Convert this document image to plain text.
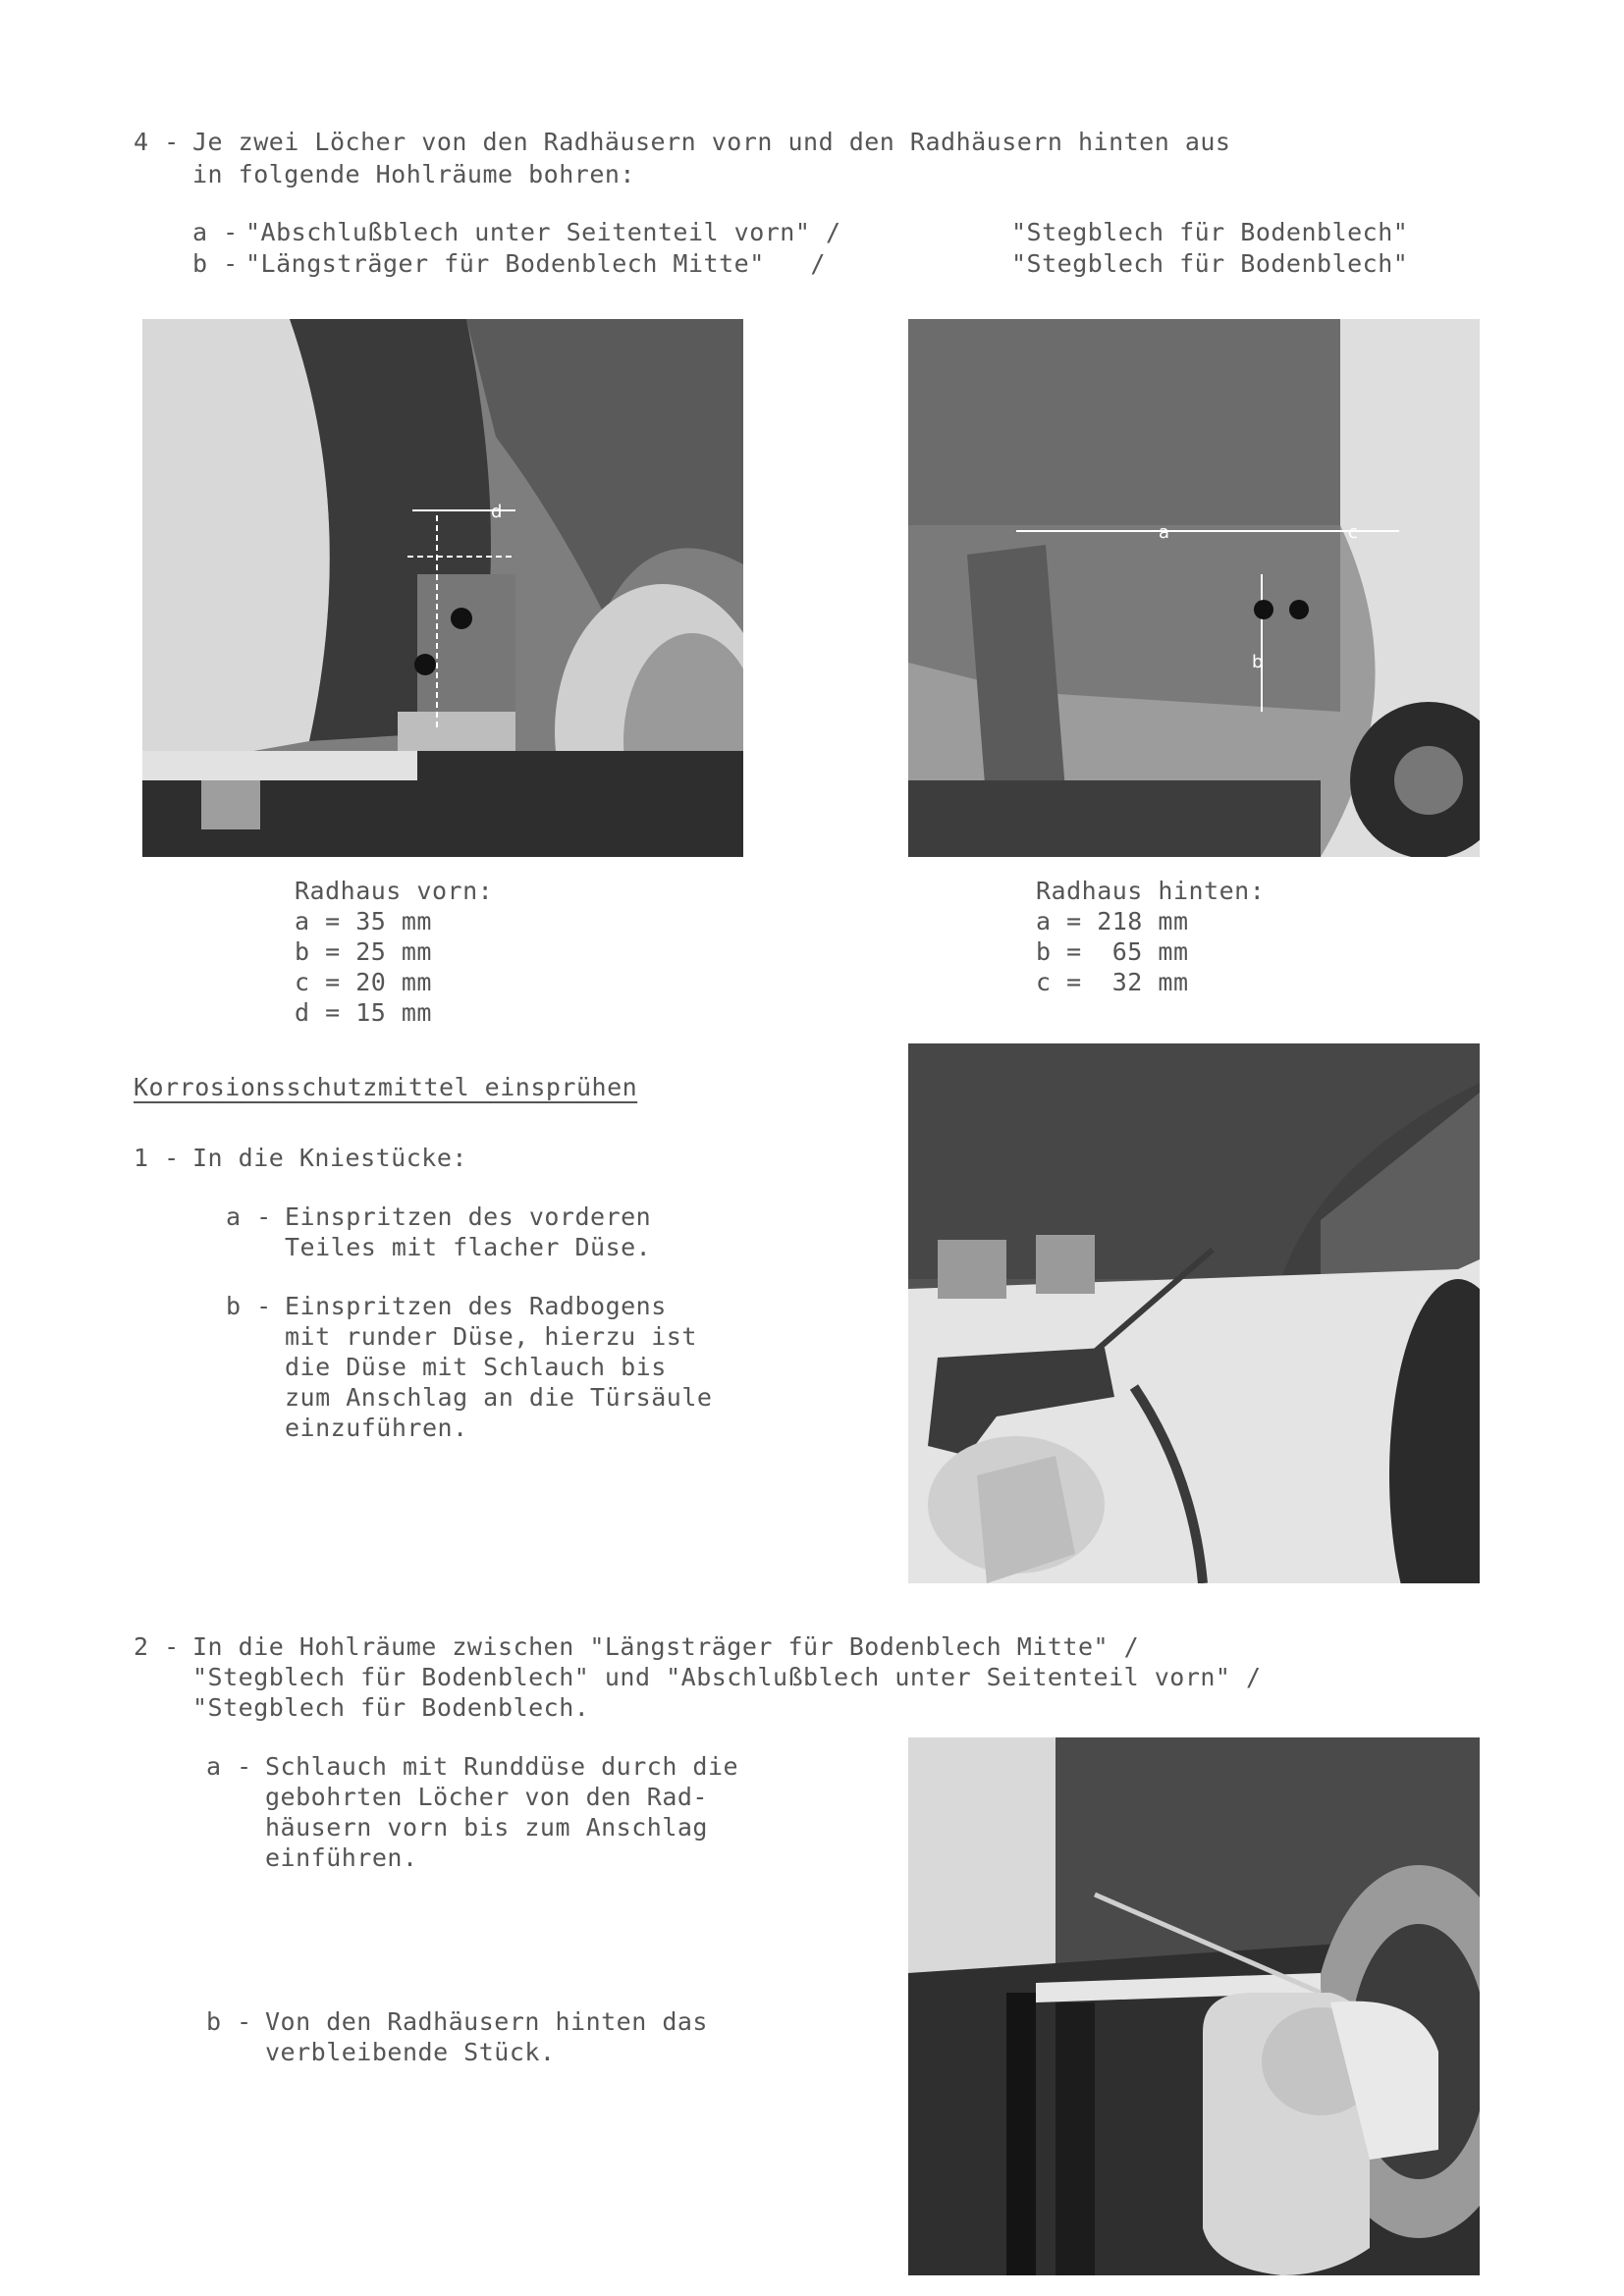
4 - Je zwei Löcher von den Radhäusern vorn und den Radhäusern hinten aus
in folgende Hohlräume bohren:
a - "Abschlußblech unter Seitenteil vorn" /	"Stegblech für Bodenblech"
b - "Längsträger für Bodenblech Mitte"   /	"Stegblech für Bodenblech"
d
a	c
b
Radhaus vorn:
a = 35 mm
b = 25 mm
c = 20 mm
d = 15 mm
Radhaus hinten:
a = 218 mm
b =  65 mm
c =  32 mm
Korrosionsschutzmittel einsprühen
1 - In die Kniestücke:
a - Einspritzen des vorderen
Teiles mit flacher Düse.
b - Einspritzen des Radbogens
mit runder Düse, hierzu ist
die Düse mit Schlauch bis
zum Anschlag an die Türsäule
einzuführen.
2 - In die Hohlräume zwischen "Längsträger für Bodenblech Mitte" /
"Stegblech für Bodenblech" und "Abschlußblech unter Seitenteil vorn" /
"Stegblech für Bodenblech.
a - Schlauch mit Runddüse durch die
gebohrten Löcher von den Rad-
häusern vorn bis zum Anschlag
einführen.
b - Von den Radhäusern hinten das
verbleibende Stück.
